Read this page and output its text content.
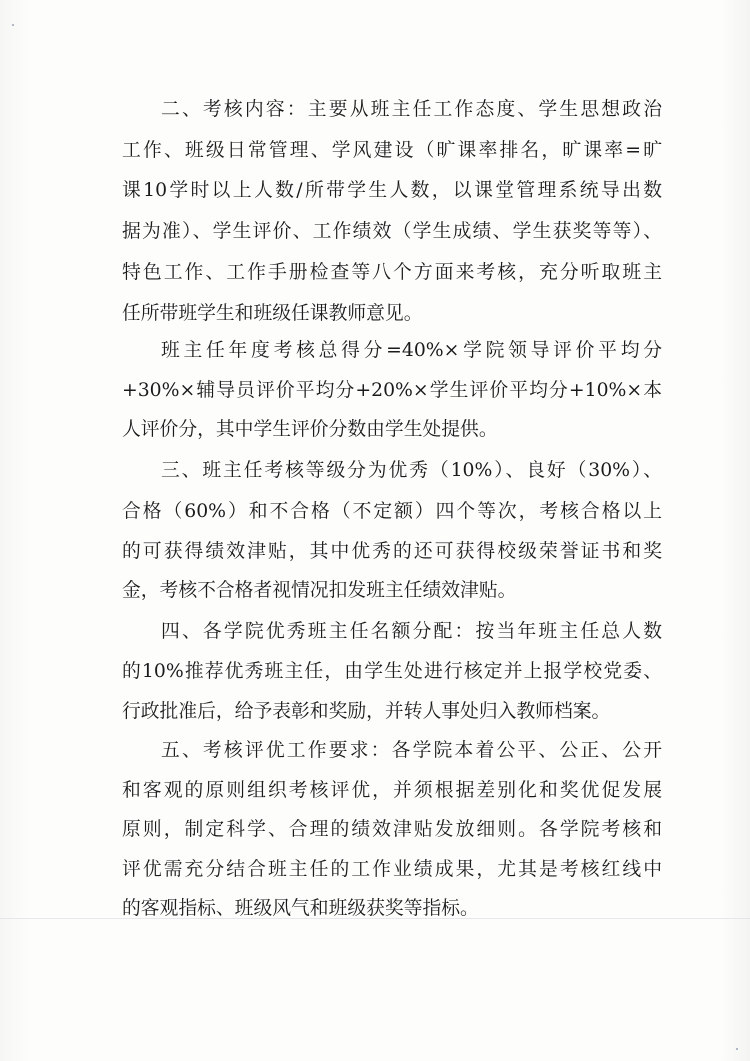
二、考核内容：主要从班主任工作态度、学生思想政治

工作、班级日常管理、学风建设（旷课率排名，旷课率=旷

课10学时以上人数/所带学生人数，以课堂管理系统导出数

据为准）、学生评价、工作绩效（学生成绩、学生获奖等等）、

特色工作、工作手册检查等八个方面来考核，充分听取班主

任所带班学生和班级任课教师意见。

班主任年度考核总得分=40%×学院领导评价平均分

+30%×辅导员评价平均分+20%×学生评价平均分+10%×本

人评价分，其中学生评价分数由学生处提供。

三、班主任考核等级分为优秀（10%）、良好（30%）、

合格（60%）和不合格（不定额）四个等次，考核合格以上

的可获得绩效津贴，其中优秀的还可获得校级荣誉证书和奖

金，考核不合格者视情况扣发班主任绩效津贴。

四、各学院优秀班主任名额分配：按当年班主任总人数

的10%推荐优秀班主任，由学生处进行核定并上报学校党委、

行政批准后，给予表彰和奖励，并转人事处归入教师档案。

五、考核评优工作要求：各学院本着公平、公正、公开

和客观的原则组织考核评优，并须根据差别化和奖优促发展

原则，制定科学、合理的绩效津贴发放细则。各学院考核和

评优需充分结合班主任的工作业绩成果，尤其是考核红线中

的客观指标、班级风气和班级获奖等指标。
